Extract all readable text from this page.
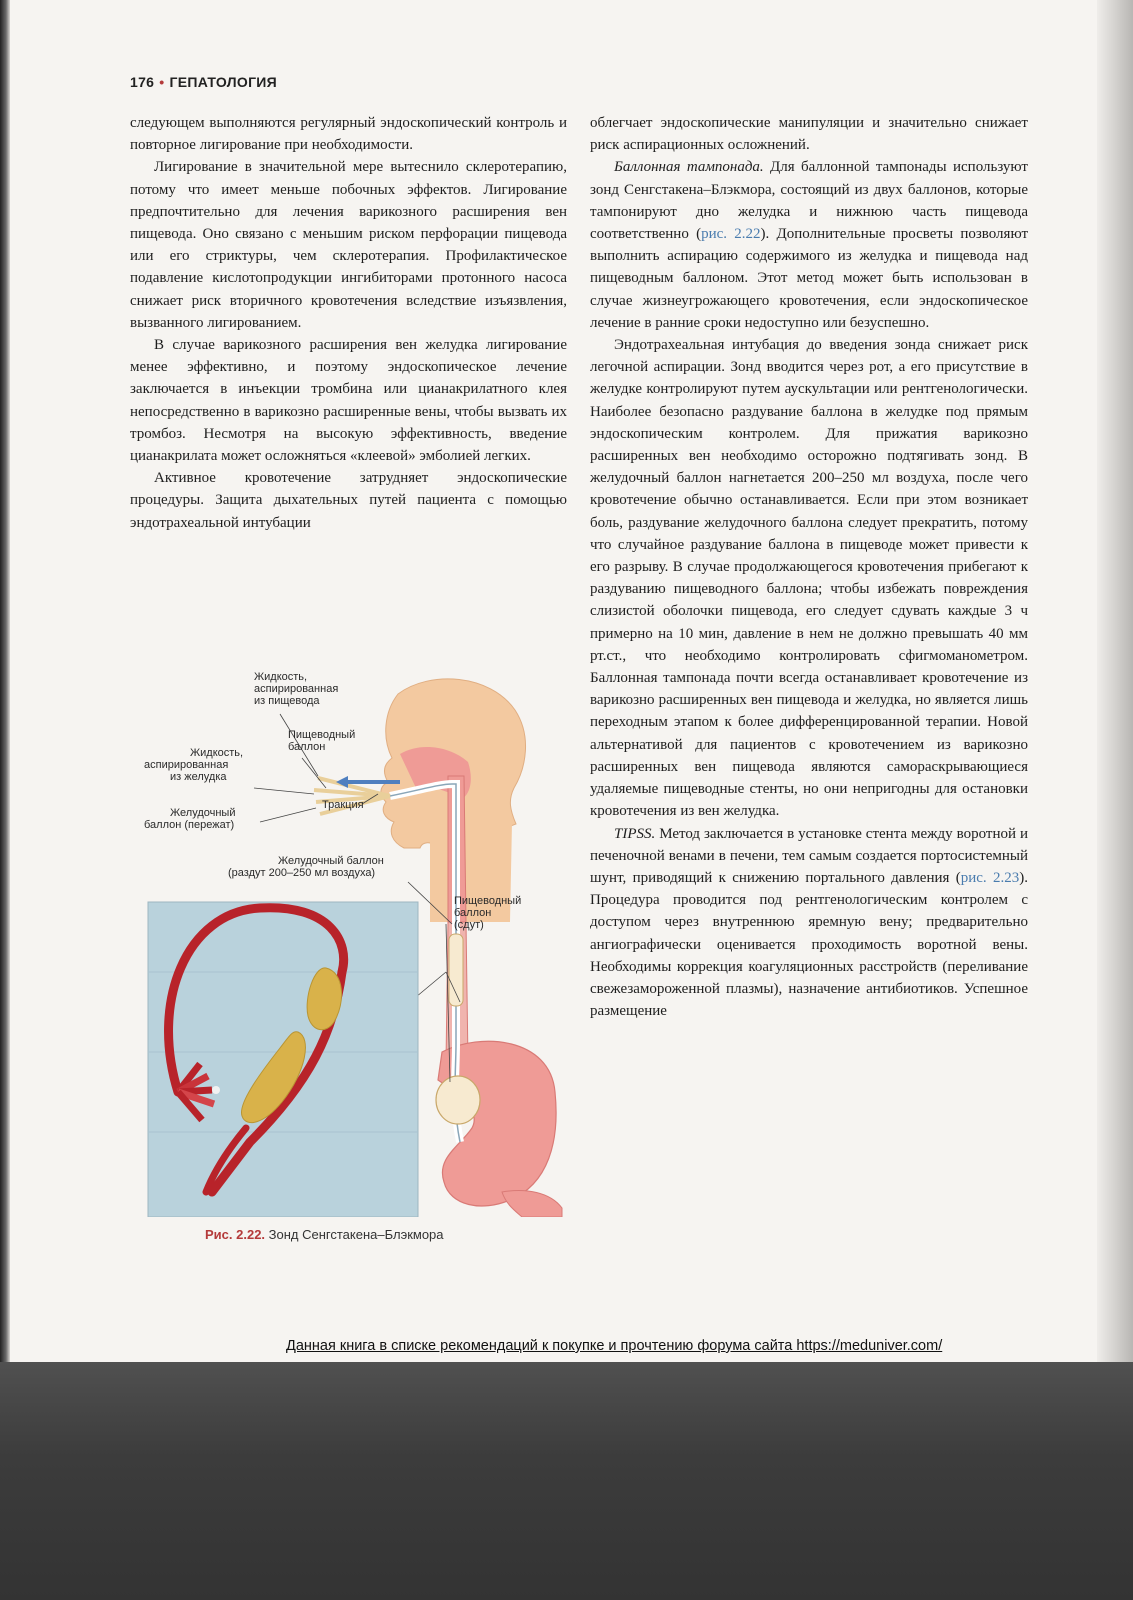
176 • ГЕПАТОЛОГИЯ

следующем выполняются регулярный эндоскопический контроль и повторное лигирование при необходимости.

Лигирование в значительной мере вытеснило склеротерапию, потому что имеет меньше побочных эффектов. Лигирование предпочтительно для лечения варикозного расширения вен пищевода. Оно связано с меньшим риском перфорации пищевода или его стриктуры, чем склеротерапия. Профилактическое подавление кислотопродукции ингибиторами протонного насоса снижает риск вторичного кровотечения вследствие изъязвления, вызванного лигированием.

В случае варикозного расширения вен желудка лигирование менее эффективно, и поэтому эндоскопическое лечение заключается в инъекции тромбина или цианакрилатного клея непосредственно в варикозно расширенные вены, чтобы вызвать их тромбоз. Несмотря на высокую эффективность, введение цианакрилата может осложняться «клеевой» эмболией легких.

Активное кровотечение затрудняет эндоскопические процедуры. Защита дыхательных путей пациента с помощью эндотрахеальной интубации

облегчает эндоскопические манипуляции и значительно снижает риск аспирационных осложнений.

Баллонная тампонада. Для баллонной тампонады используют зонд Сенгстакена–Блэкмора, состоящий из двух баллонов, которые тампонируют дно желудка и нижнюю часть пищевода соответственно (рис. 2.22). Дополнительные просветы позволяют выполнить аспирацию содержимого из желудка и пищевода над пищеводным баллоном. Этот метод может быть использован в случае жизнеугрожающего кровотечения, если эндоскопическое лечение в ранние сроки недоступно или безуспешно.

Эндотрахеальная интубация до введения зонда снижает риск легочной аспирации. Зонд вводится через рот, а его присутствие в желудке контролируют путем аускультации или рентгенологически. Наиболее безопасно раздувание баллона в желудке под прямым эндоскопическим контролем. Для прижатия варикозно расширенных вен необходимо осторожно подтягивать зонд. В желудочный баллон нагнетается 200–250 мл воздуха, после чего кровотечение обычно останавливается. Если при этом возникает боль, раздувание желудочного баллона следует прекратить, потому что случайное раздувание баллона в пищеводе может привести к его разрыву. В случае продолжающегося кровотечения прибегают к раздуванию пищеводного баллона; чтобы избежать повреждения слизистой оболочки пищевода, его следует сдувать каждые 3 ч примерно на 10 мин, давление в нем не должно превышать 40 мм рт.ст., что необходимо контролировать сфигмоманометром. Баллонная тампонада почти всегда останавливает кровотечение из варикозно расширенных вен пищевода и желудка, но является лишь переходным этапом к более дифференцированной терапии. Новой альтернативой для пациентов с кровотечением из варикозно расширенных вен пищевода являются саморaскрывающиеся удаляемые пищеводные стенты, но они непригодны для остановки кровотечения из вен желудка.

TIPSS. Метод заключается в установке стента между воротной и печеночной венами в печени, тем самым создается портосистемный шунт, приводящий к снижению портального давления (рис. 2.23). Процедура проводится под рентгенологическим контролем с доступом через внутреннюю яремную вену; предварительно ангиографически оценивается проходимость воротной вены. Необходимы коррекция коагуляционных расстройств (переливание свежезамороженной плазмы), назначение антибиотиков. Успешное размещение

Жидкость,
аспирированная
из пищевода
Пищеводный
баллон
Жидкость,
аспирированная
из желудка
Тракция
Желудочный
баллон (пережат)
Желудочный баллон
(раздут 200–250 мл воздуха)
Пищеводный
баллон
(сдут)
Рис. 2.22. Зонд Сенгстакена–Блэкмора
Данная книга в списке рекомендаций к покупке и прочтению форума сайта https://meduniver.com/
